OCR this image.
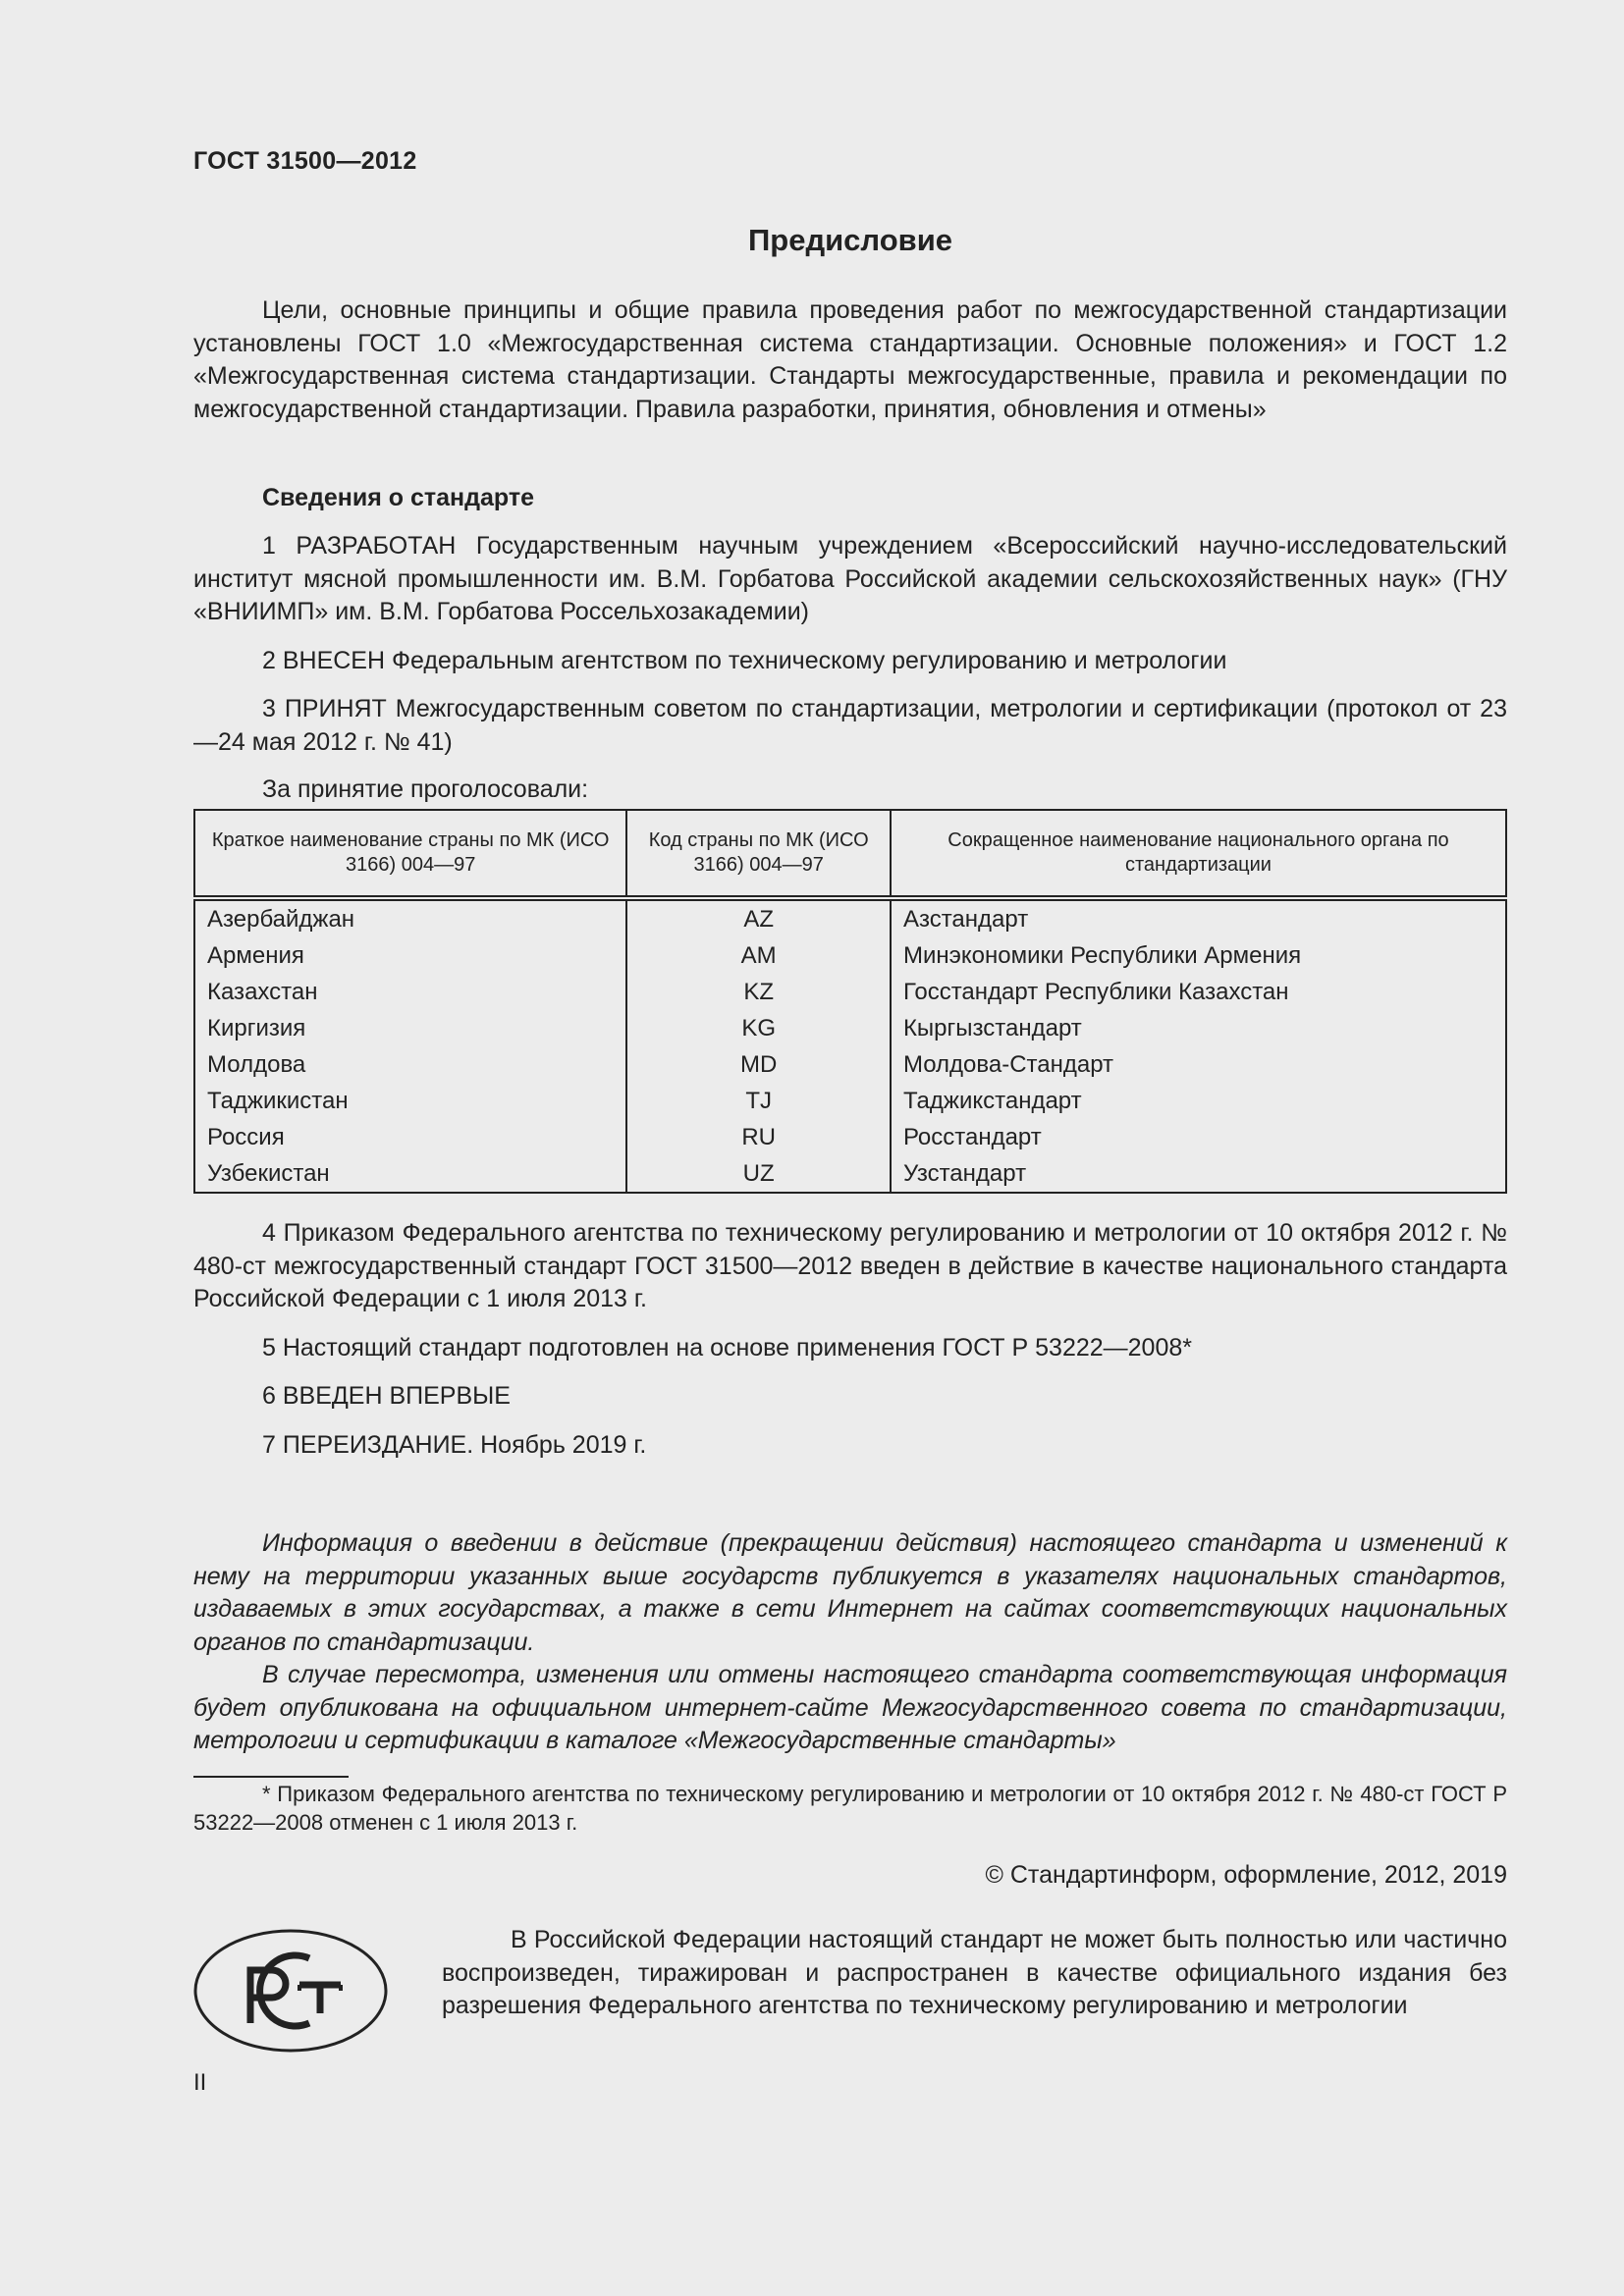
ГОСТ 31500—2012
Предисловие
Цели, основные принципы и общие правила проведения работ по межгосударственной стандартизации установлены ГОСТ 1.0 «Межгосударственная система стандартизации. Основные положения» и ГОСТ 1.2 «Межгосударственная система стандартизации. Стандарты межгосударственные, правила и рекомендации по межгосударственной стандартизации. Правила разработки, принятия, обновления и отмены»
Сведения о стандарте
1 РАЗРАБОТАН Государственным научным учреждением «Всероссийский научно-исследовательский институт мясной промышленности им. В.М. Горбатова Российской академии сельскохозяйственных наук» (ГНУ «ВНИИМП» им. В.М. Горбатова Россельхозакадемии)
2 ВНЕСЕН Федеральным агентством по техническому регулированию и метрологии
3 ПРИНЯТ Межгосударственным советом по стандартизации, метрологии и сертификации (протокол от 23—24 мая 2012 г. № 41)
За принятие проголосовали:
Краткое наименование страны по МК (ИСО 3166) 004—97	Код страны по МК (ИСО 3166) 004—97	Сокращенное наименование национального органа по стандартизации
Азербайджан	AZ	Азстандарт
Армения	AM	Минэкономики Республики Армения
Казахстан	KZ	Госстандарт Республики Казахстан
Киргизия	KG	Кыргызстандарт
Молдова	MD	Молдова-Стандарт
Таджикистан	TJ	Таджикстандарт
Россия	RU	Росстандарт
Узбекистан	UZ	Узстандарт
4 Приказом Федерального агентства по техническому регулированию и метрологии от 10 октября 2012 г. № 480-ст межгосударственный стандарт ГОСТ 31500—2012 введен в действие в качестве национального стандарта Российской Федерации с 1 июля 2013 г.
5 Настоящий стандарт подготовлен на основе применения ГОСТ Р 53222—2008*
6 ВВЕДЕН ВПЕРВЫЕ
7 ПЕРЕИЗДАНИЕ. Ноябрь 2019 г.
Информация о введении в действие (прекращении действия) настоящего стандарта и изменений к нему на территории указанных выше государств публикуется в указателях национальных стандартов, издаваемых в этих государствах, а также в сети Интернет на сайтах соответствующих национальных органов по стандартизации.
В случае пересмотра, изменения или отмены настоящего стандарта соответствующая информация будет опубликована на официальном интернет-сайте Межгосударственного совета по стандартизации, метрологии и сертификации в каталоге «Межгосударственные стандарты»
* Приказом Федерального агентства по техническому регулированию и метрологии от 10 октября 2012 г. № 480-ст ГОСТ Р 53222—2008 отменен с 1 июля 2013 г.
© Стандартинформ, оформление, 2012, 2019
В Российской Федерации настоящий стандарт не может быть полностью или частично воспроизведен, тиражирован и распространен в качестве официального издания без разрешения Федерального агентства по техническому регулированию и метрологии
II
